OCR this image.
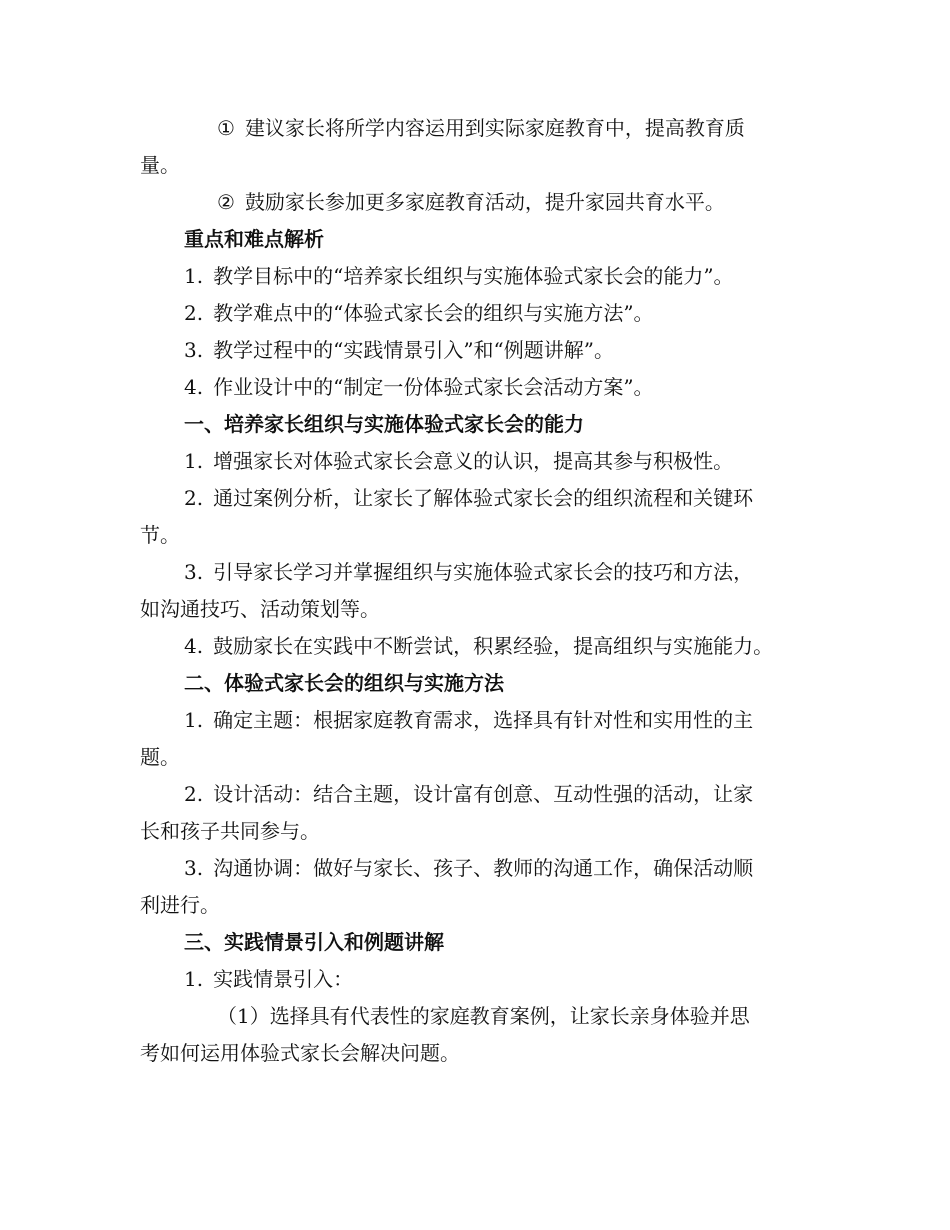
① 建议家长将所学内容运用到实际家庭教育中，提高教育质
量。
② 鼓励家长参加更多家庭教育活动，提升家园共育水平。
重点和难点解析
1. 教学目标中的“培养家长组织与实施体验式家长会的能力”。
2. 教学难点中的“体验式家长会的组织与实施方法”。
3. 教学过程中的“实践情景引入”和“例题讲解”。
4. 作业设计中的“制定一份体验式家长会活动方案”。
一、培养家长组织与实施体验式家长会的能力
1. 增强家长对体验式家长会意义的认识，提高其参与积极性。
2. 通过案例分析，让家长了解体验式家长会的组织流程和关键环
节。
3. 引导家长学习并掌握组织与实施体验式家长会的技巧和方法，
如沟通技巧、活动策划等。
4. 鼓励家长在实践中不断尝试，积累经验，提高组织与实施能力。
二、体验式家长会的组织与实施方法
1. 确定主题：根据家庭教育需求，选择具有针对性和实用性的主
题。
2. 设计活动：结合主题，设计富有创意、互动性强的活动，让家
长和孩子共同参与。
3. 沟通协调：做好与家长、孩子、教师的沟通工作，确保活动顺
利进行。
三、实践情景引入和例题讲解
1. 实践情景引入：
（1）选择具有代表性的家庭教育案例，让家长亲身体验并思
考如何运用体验式家长会解决问题。
